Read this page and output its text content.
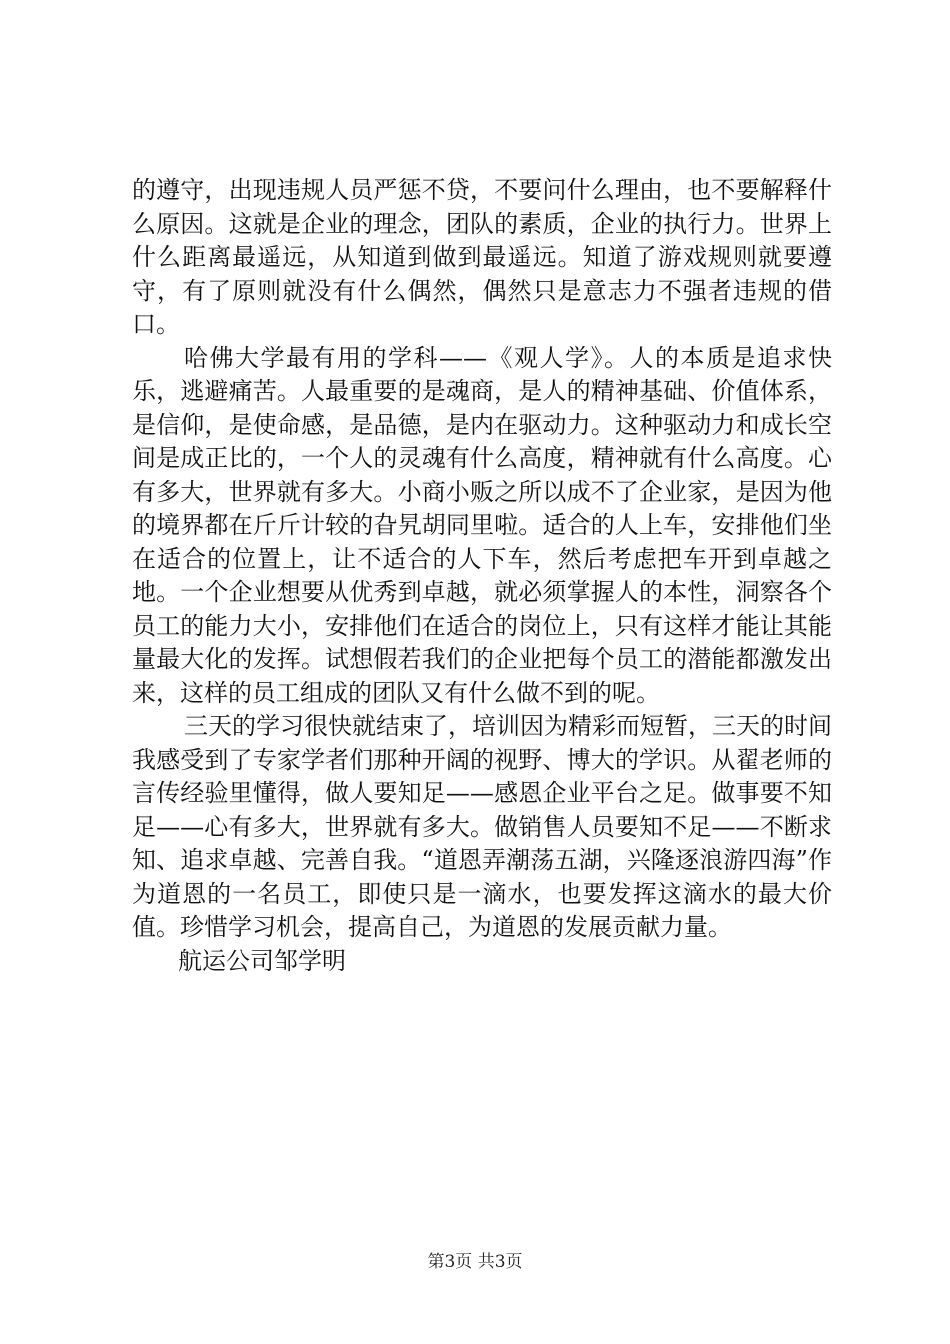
的遵守，出现违规人员严惩不贷，不要问什么理由，也不要解释什么原因。这就是企业的理念，团队的素质，企业的执行力。世界上什么距离最遥远，从知道到做到最遥远。知道了游戏规则就要遵守，有了原则就没有什么偶然，偶然只是意志力不强者违规的借口。

哈佛大学最有用的学科——《观人学》。人的本质是追求快乐，逃避痛苦。人最重要的是魂商，是人的精神基础、价值体系，是信仰，是使命感，是品德，是内在驱动力。这种驱动力和成长空间是成正比的，一个人的灵魂有什么高度，精神就有什么高度。心有多大，世界就有多大。小商小贩之所以成不了企业家，是因为他的境界都在斤斤计较的旮旯胡同里啦。适合的人上车，安排他们坐在适合的位置上，让不适合的人下车，然后考虑把车开到卓越之地。一个企业想要从优秀到卓越，就必须掌握人的本性，洞察各个员工的能力大小，安排他们在适合的岗位上，只有这样才能让其能量最大化的发挥。试想假若我们的企业把每个员工的潜能都激发出来，这样的员工组成的团队又有什么做不到的呢。

三天的学习很快就结束了，培训因为精彩而短暂，三天的时间我感受到了专家学者们那种开阔的视野、博大的学识。从翟老师的言传经验里懂得，做人要知足——感恩企业平台之足。做事要不知足——心有多大，世界就有多大。做销售人员要知不足——不断求知、追求卓越、完善自我。“道恩弄潮荡五湖，兴隆逐浪游四海”作为道恩的一名员工，即使只是一滴水，也要发挥这滴水的最大价值。珍惜学习机会，提高自己，为道恩的发展贡献力量。

航运公司邹学明

第3页 共3页
